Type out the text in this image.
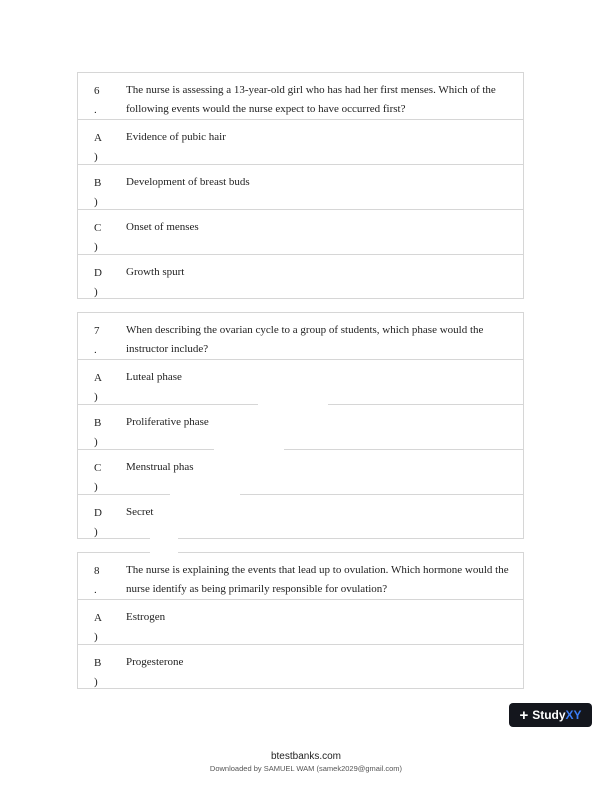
6
.
The nurse is assessing a 13-year-old girl who has had her first menses. Which of the following events would the nurse expect to have occurred first?
A
)
Evidence of pubic hair
B
)
Development of breast buds
C
)
Onset of menses
D
)
Growth spurt
7
.
When describing the ovarian cycle to a group of students, which phase would the instructor include?
A
)
Luteal phase
B
)
Proliferative phase
C
)
Menstrual phas
D
)
Secret
8
.
The nurse is explaining the events that lead up to ovulation. Which hormone would the nurse identify as being primarily responsible for ovulation?
A
)
Estrogen
B
)
Progesterone
+ StudyXY
btestbanks.com
Downloaded by SAMUEL WAM (samek2029@gmail.com)
